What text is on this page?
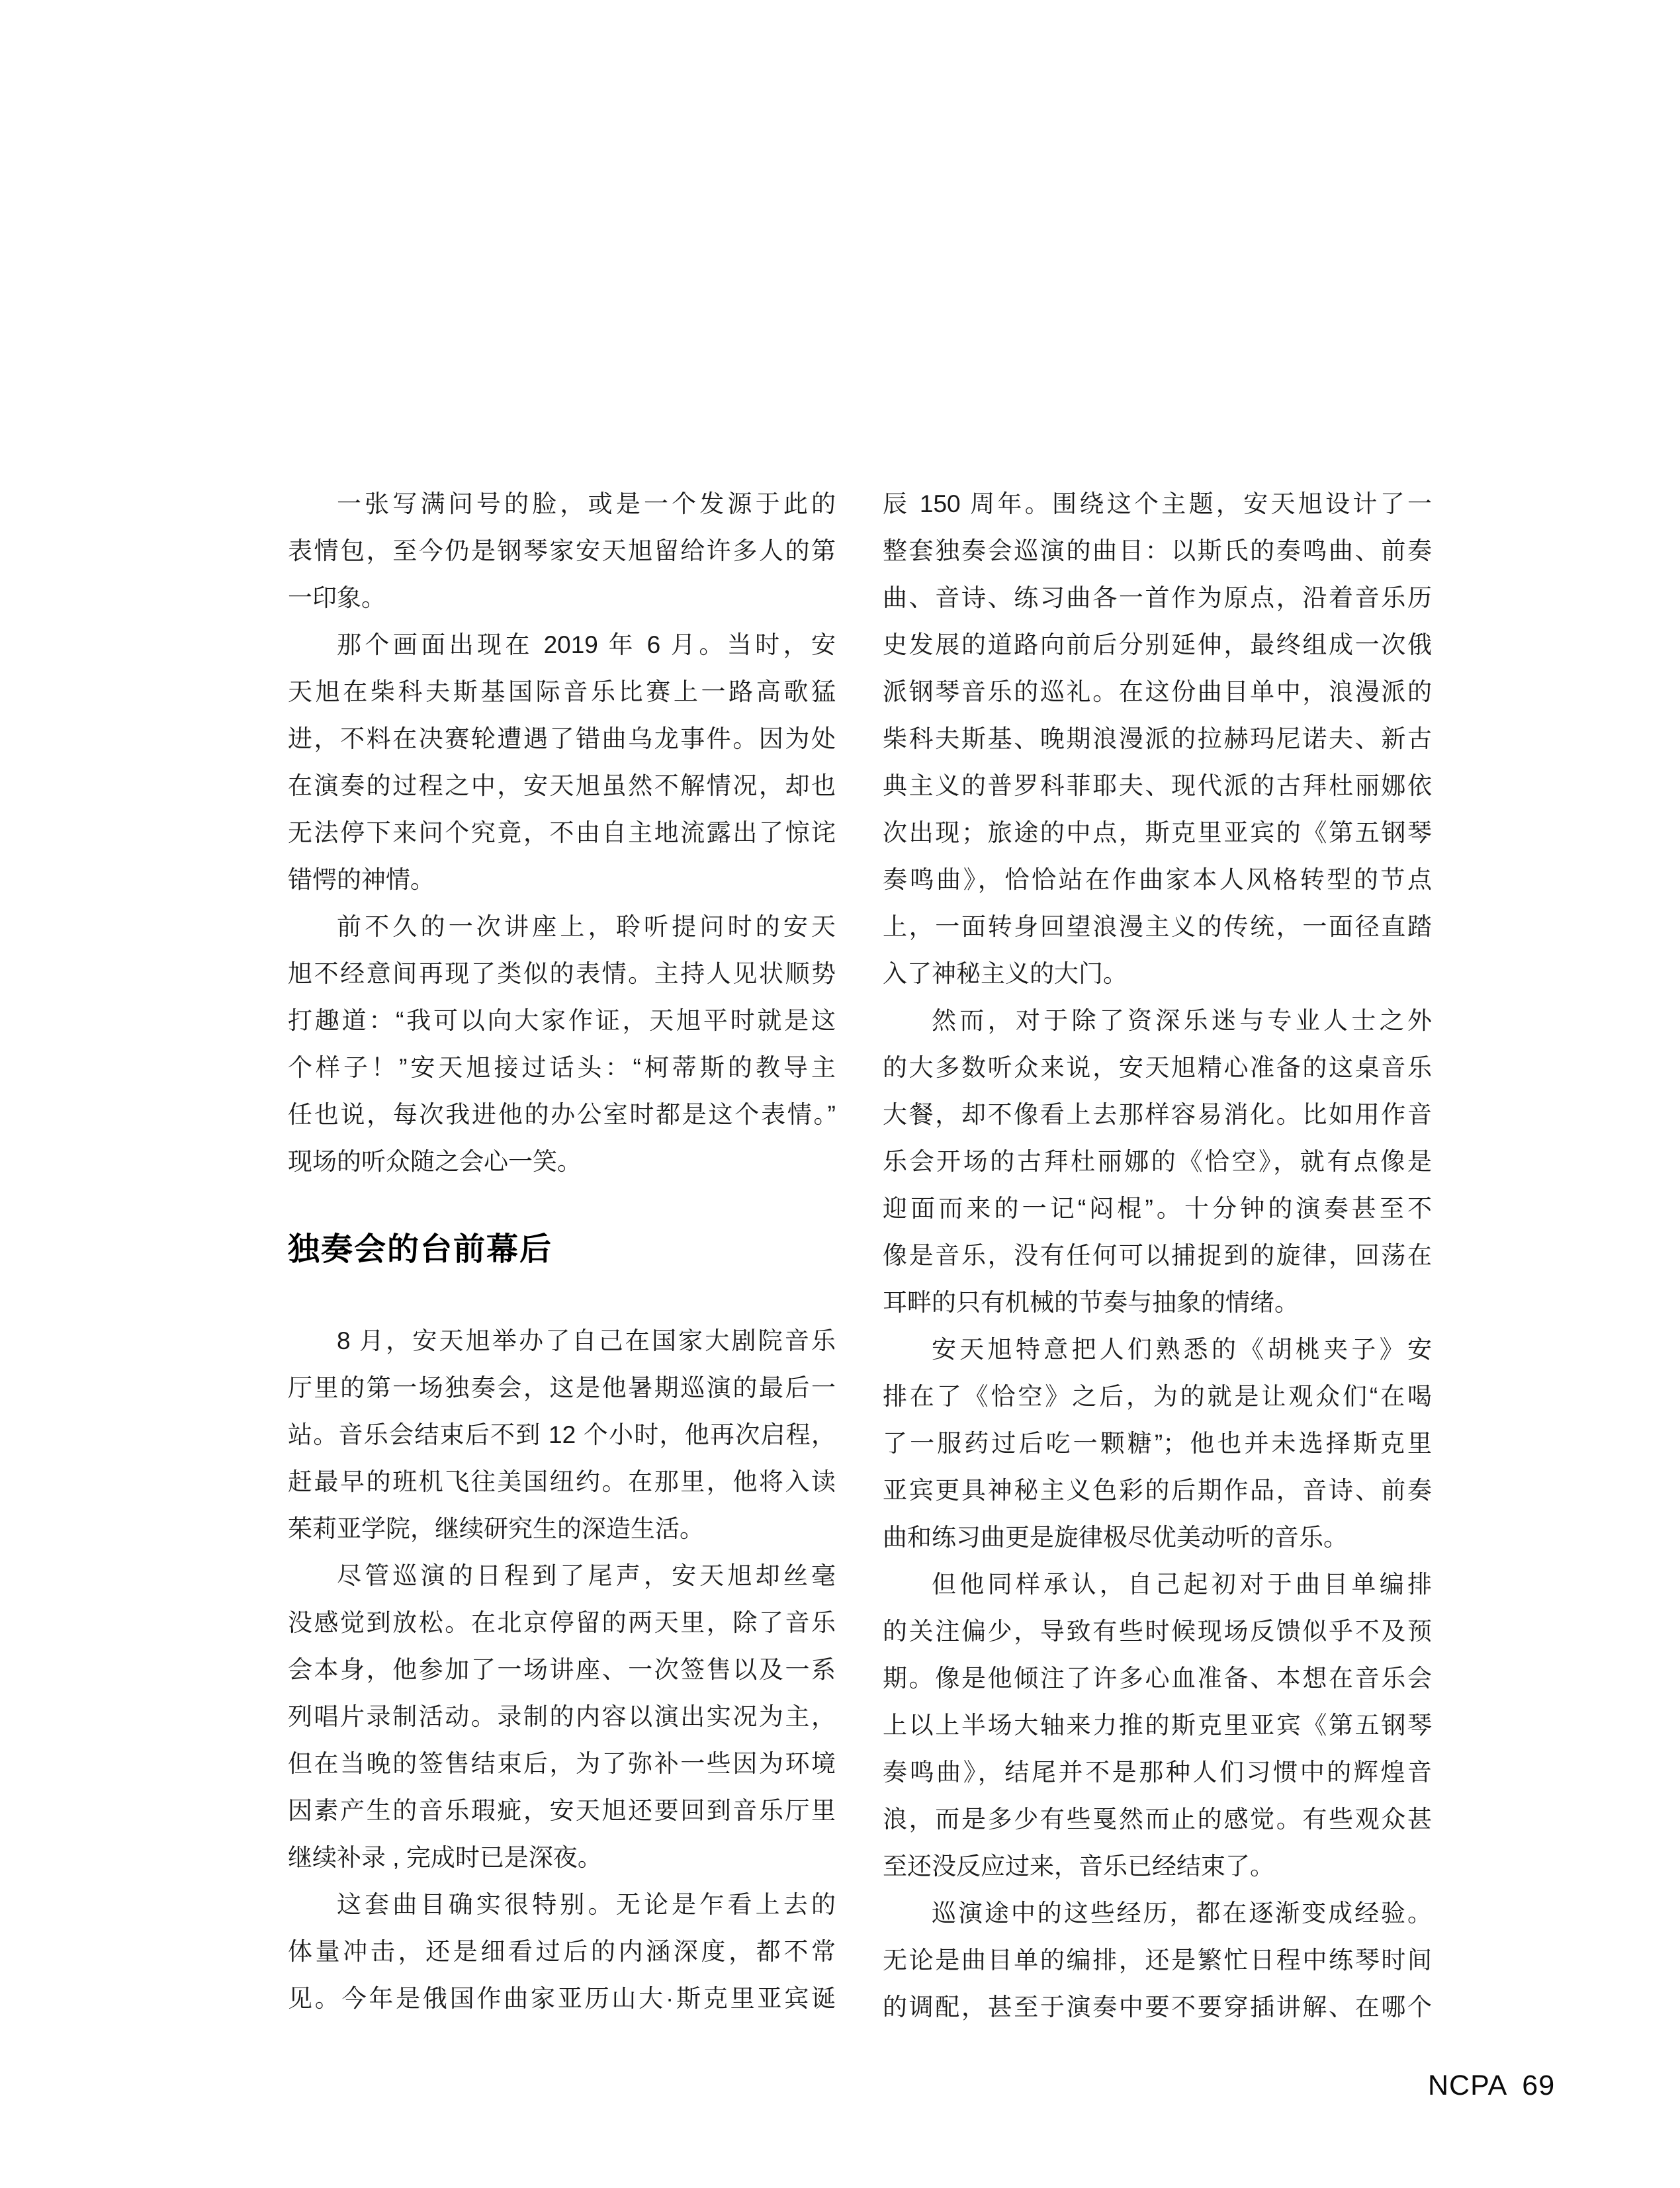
一张写满问号的脸，或是一个发源于此的
表情包，至今仍是钢琴家安天旭留给许多人的第
一印象。
那个画面出现在 2019 年 6 月。当时，安
天旭在柴科夫斯基国际音乐比赛上一路高歌猛
进，不料在决赛轮遭遇了错曲乌龙事件。因为处
在演奏的过程之中，安天旭虽然不解情况，却也
无法停下来问个究竟，不由自主地流露出了惊诧
错愕的神情。
前不久的一次讲座上，聆听提问时的安天
旭不经意间再现了类似的表情。主持人见状顺势
打趣道：“我可以向大家作证，天旭平时就是这
个样子！”安天旭接过话头：“柯蒂斯的教导主
任也说，每次我进他的办公室时都是这个表情。”
现场的听众随之会心一笑。
独奏会的台前幕后
8 月，安天旭举办了自己在国家大剧院音乐
厅里的第一场独奏会，这是他暑期巡演的最后一
站。音乐会结束后不到 12 个小时，他再次启程，
赶最早的班机飞往美国纽约。在那里，他将入读
茱莉亚学院，继续研究生的深造生活。
尽管巡演的日程到了尾声，安天旭却丝毫
没感觉到放松。在北京停留的两天里，除了音乐
会本身，他参加了一场讲座、一次签售以及一系
列唱片录制活动。录制的内容以演出实况为主，
但在当晚的签售结束后，为了弥补一些因为环境
因素产生的音乐瑕疵，安天旭还要回到音乐厅里
继续补录 , 完成时已是深夜。
这套曲目确实很特别。无论是乍看上去的
体量冲击，还是细看过后的内涵深度，都不常
见。今年是俄国作曲家亚历山大·斯克里亚宾诞
辰 150 周年。围绕这个主题，安天旭设计了一
整套独奏会巡演的曲目：以斯氏的奏鸣曲、前奏
曲、音诗、练习曲各一首作为原点，沿着音乐历
史发展的道路向前后分别延伸，最终组成一次俄
派钢琴音乐的巡礼。在这份曲目单中，浪漫派的
柴科夫斯基、晚期浪漫派的拉赫玛尼诺夫、新古
典主义的普罗科菲耶夫、现代派的古拜杜丽娜依
次出现；旅途的中点，斯克里亚宾的《第五钢琴
奏鸣曲》，恰恰站在作曲家本人风格转型的节点
上，一面转身回望浪漫主义的传统，一面径直踏
入了神秘主义的大门。
然而，对于除了资深乐迷与专业人士之外
的大多数听众来说，安天旭精心准备的这桌音乐
大餐，却不像看上去那样容易消化。比如用作音
乐会开场的古拜杜丽娜的《恰空》，就有点像是
迎面而来的一记“闷棍”。十分钟的演奏甚至不
像是音乐，没有任何可以捕捉到的旋律，回荡在
耳畔的只有机械的节奏与抽象的情绪。
安天旭特意把人们熟悉的《胡桃夹子》安
排在了《恰空》之后，为的就是让观众们“在喝
了一服药过后吃一颗糖”；他也并未选择斯克里
亚宾更具神秘主义色彩的后期作品，音诗、前奏
曲和练习曲更是旋律极尽优美动听的音乐。
但他同样承认，自己起初对于曲目单编排
的关注偏少，导致有些时候现场反馈似乎不及预
期。像是他倾注了许多心血准备、本想在音乐会
上以上半场大轴来力推的斯克里亚宾《第五钢琴
奏鸣曲》，结尾并不是那种人们习惯中的辉煌音
浪，而是多少有些戛然而止的感觉。有些观众甚
至还没反应过来，音乐已经结束了。
巡演途中的这些经历，都在逐渐变成经验。
无论是曲目单的编排，还是繁忙日程中练琴时间
的调配，甚至于演奏中要不要穿插讲解、在哪个
NCPA 69
